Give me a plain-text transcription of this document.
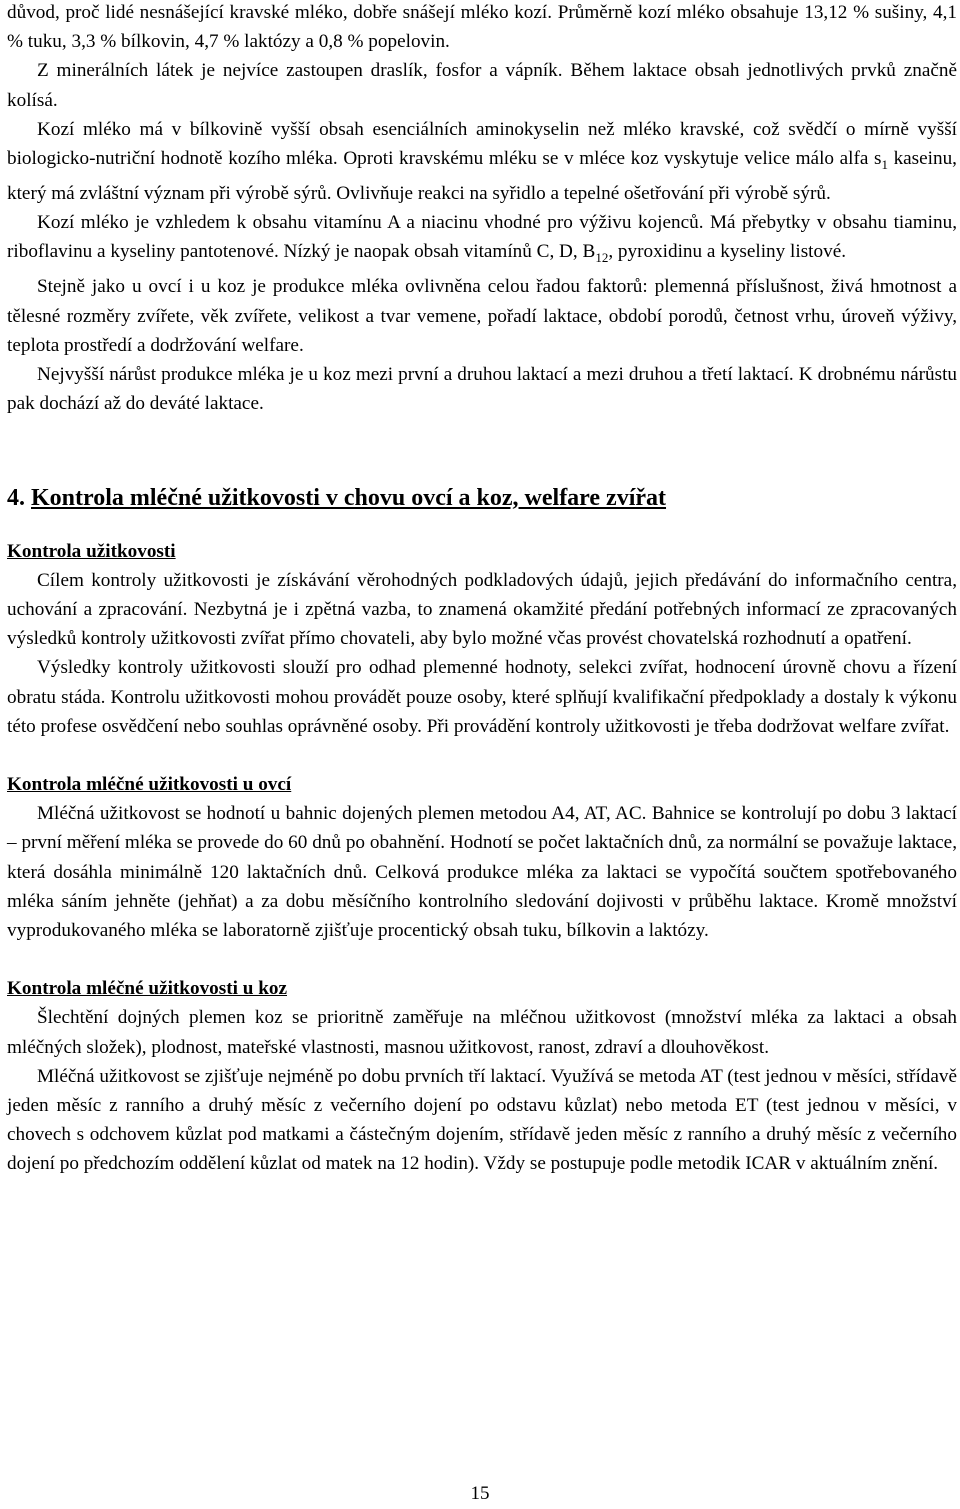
důvod, proč lidé nesnášející kravské mléko, dobře snášejí mléko kozí. Průměrně kozí mléko obsahuje 13,12 % sušiny, 4,1 % tuku, 3,3 % bílkovin, 4,7 % laktózy a 0,8 % popelovin.

Z minerálních látek je nejvíce zastoupen draslík, fosfor a vápník. Během laktace obsah jednotlivých prvků značně kolísá.

Kozí mléko má v bílkovině vyšší obsah esenciálních aminokyselin než mléko kravské, což svědčí o mírně vyšší biologicko-nutriční hodnotě kozího mléka. Oproti kravskému mléku se v mléce koz vyskytuje velice málo alfa $s_1$ kaseinu, který má zvláštní význam při výrobě sýrů. Ovlivňuje reakci na syřidlo a tepelné ošetřování při výrobě sýrů.

Kozí mléko je vzhledem k obsahu vitamínu A a niacinu vhodné pro výživu kojenců. Má přebytky v obsahu tiaminu, riboflavinu a kyseliny pantotenové. Nízký je naopak obsah vitamínů C, D, $B_{12}$, pyroxidinu a kyseliny listové.

Stejně jako u ovcí i u koz je produkce mléka ovlivněna celou řadou faktorů: plemenná příslušnost, živá hmotnost a tělesné rozměry zvířete, věk zvířete, velikost a tvar vemene, pořadí laktace, období porodů, četnost vrhu, úroveň výživy, teplota prostředí a dodržování welfare.

Nejvyšší nárůst produkce mléka je u koz mezi první a druhou laktací a mezi druhou a třetí laktací. K drobnému nárůstu pak dochází až do deváté laktace.

4. Kontrola mléčné užitkovosti v chovu ovcí a koz, welfare zvířat
Kontrola užitkovosti

Cílem kontroly užitkovosti je získávání věrohodných podkladových údajů, jejich předávání do informačního centra, uchování a zpracování. Nezbytná je i zpětná vazba, to znamená okamžité předání potřebných informací ze zpracovaných výsledků kontroly užitkovosti zvířat přímo chovateli, aby bylo možné včas provést chovatelská rozhodnutí a opatření.

Výsledky kontroly užitkovosti slouží pro odhad plemenné hodnoty, selekci zvířat, hodnocení úrovně chovu a řízení obratu stáda. Kontrolu užitkovosti mohou provádět pouze osoby, které splňují kvalifikační předpoklady a dostaly k výkonu této profese osvědčení nebo souhlas oprávněné osoby. Při provádění kontroly užitkovosti je třeba dodržovat welfare zvířat.

Kontrola mléčné užitkovosti u ovcí

Mléčná užitkovost se hodnotí u bahnic dojených plemen metodou A4, AT, AC. Bahnice se kontrolují po dobu 3 laktací – první měření mléka se provede do 60 dnů po obahnění. Hodnotí se počet laktačních dnů, za normální se považuje laktace, která dosáhla minimálně 120 laktačních dnů. Celková produkce mléka za laktaci se vypočítá součtem spotřebovaného mléka sáním jehněte (jehňat) a za dobu měsíčního kontrolního sledování dojivosti v průběhu laktace. Kromě množství vyprodukovaného mléka se laboratorně zjišťuje procentický obsah tuku, bílkovin a laktózy.

Kontrola mléčné užitkovosti u koz

Šlechtění dojných plemen koz se prioritně zaměřuje na mléčnou užitkovost (množství mléka za laktaci a obsah mléčných složek), plodnost, mateřské vlastnosti, masnou užitkovost, ranost, zdraví a dlouhověkost.

Mléčná užitkovost se zjišťuje nejméně po dobu prvních tří laktací. Využívá se metoda AT (test jednou v měsíci, střídavě jeden měsíc z ranního a druhý měsíc z večerního dojení po odstavu kůzlat) nebo metoda ET (test jednou v měsíci, v chovech s odchovem kůzlat pod matkami a částečným dojením, střídavě jeden měsíc z ranního a druhý měsíc z večerního dojení po předchozím oddělení kůzlat od matek na 12 hodin). Vždy se postupuje podle metodik ICAR v aktuálním znění.

15
